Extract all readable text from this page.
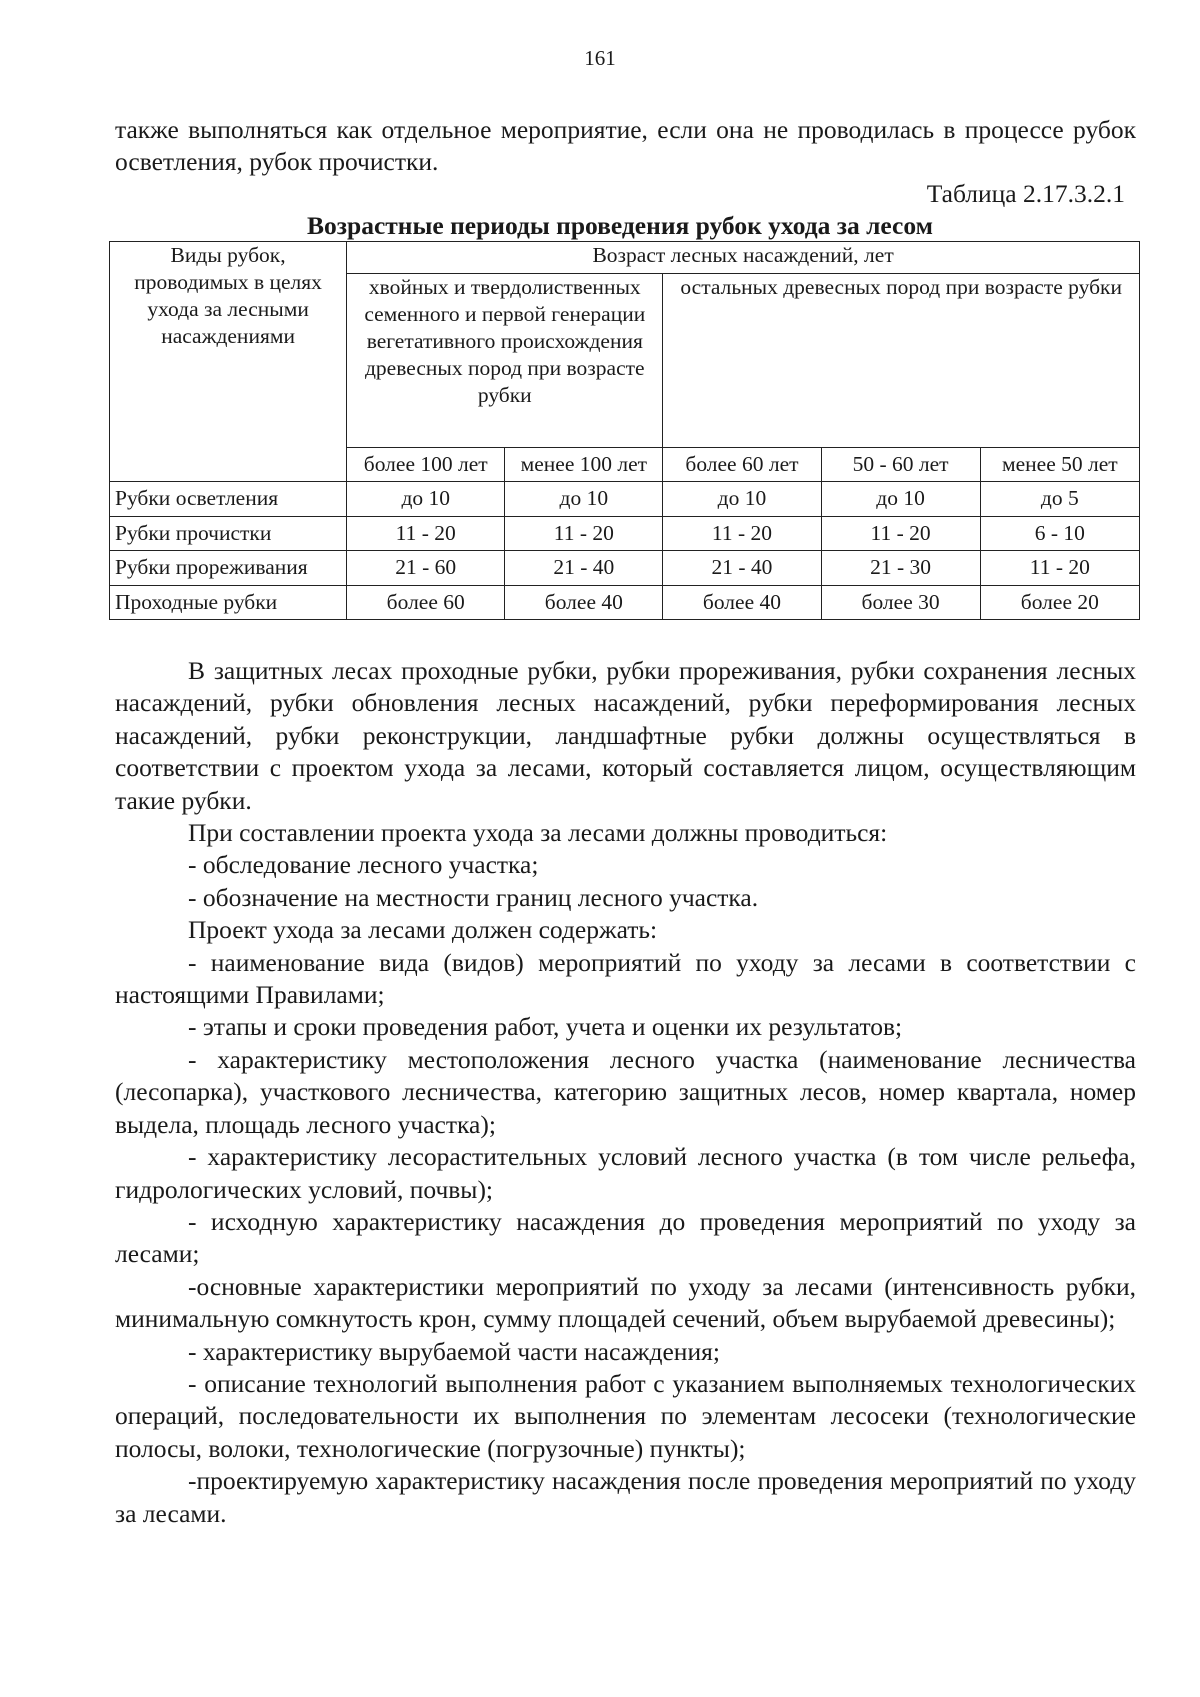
161

также выполняться как отдельное мероприятие, если она не проводилась в процессе рубок осветления, рубок прочистки.

Таблица 2.17.3.2.1
Возрастные периоды проведения рубок ухода за лесом
Виды рубок, проводимых в целях ухода за лесными насаждениями	Возраст лесных насаждений, лет				
	хвойных и твердолиственных семенного и первой генерации вегетативного происхождения древесных пород при возрасте рубки		остальных древесных пород при возрасте рубки		
	более 100 лет	менее 100 лет	более 60 лет	50 - 60 лет	менее 50 лет
Рубки осветления	до 10	до 10	до 10	до 10	до 5
Рубки прочистки	11 - 20	11 - 20	11 - 20	11 - 20	6 - 10
Рубки прореживания	21 - 60	21 - 40	21 - 40	21 - 30	11 - 20
Проходные рубки	более 60	более 40	более 40	более 30	более 20

В защитных лесах проходные рубки, рубки прореживания, рубки сохранения лесных насаждений, рубки обновления лесных насаждений, рубки переформирования лесных насаждений, рубки реконструкции, ландшафтные рубки должны осуществляться в соответствии с проектом ухода за лесами, который составляется лицом, осуществляющим такие рубки.

При составлении проекта ухода за лесами должны проводиться:

- обследование лесного участка;

- обозначение на местности границ лесного участка.

Проект ухода за лесами должен содержать:

- наименование вида (видов) мероприятий по уходу за лесами в соответствии с настоящими Правилами;

- этапы и сроки проведения работ, учета и оценки их результатов;

- характеристику местоположения лесного участка (наименование лесничества (лесопарка), участкового лесничества, категорию защитных лесов, номер квартала, номер выдела, площадь лесного участка);

- характеристику лесорастительных условий лесного участка (в том числе рельефа, гидрологических условий, почвы);

- исходную характеристику насаждения до проведения мероприятий по уходу за лесами;

-основные характеристики мероприятий по уходу за лесами (интенсивность рубки, минимальную сомкнутость крон, сумму площадей сечений, объем вырубаемой древесины);

- характеристику вырубаемой части насаждения;

- описание технологий выполнения работ с указанием выполняемых технологических операций, последовательности их выполнения по элементам лесосеки (технологические полосы, волоки, технологические (погрузочные) пункты);

-проектируемую характеристику насаждения после проведения мероприятий по уходу за лесами.
